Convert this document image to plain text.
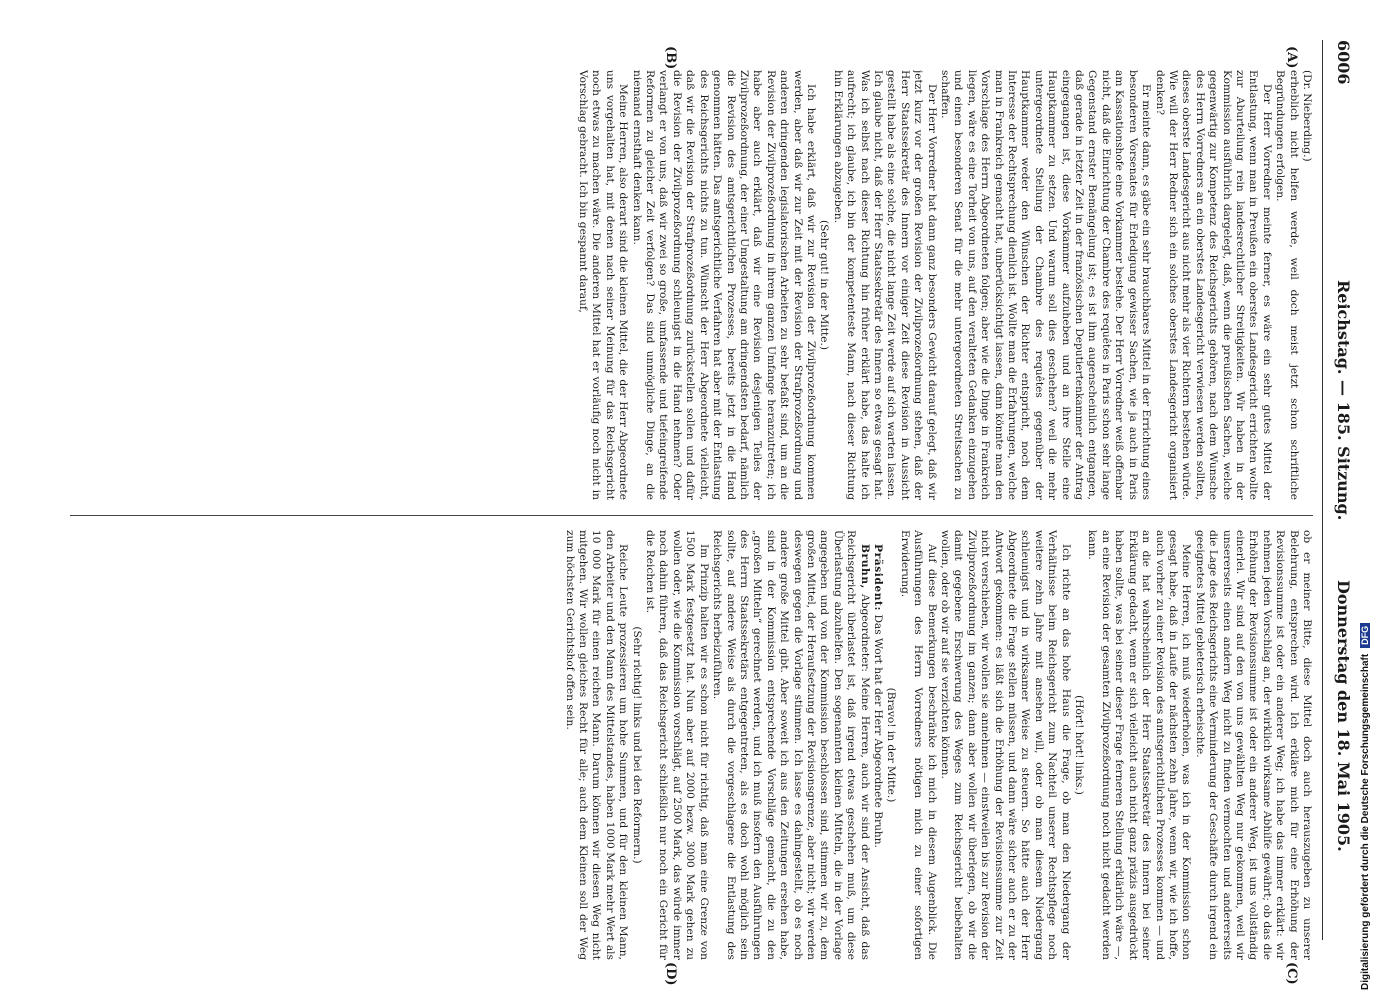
6006
Reichstag. — 185. Sitzung.
Donnerstag den 18. Mai 1905.
(A)
(B)
(C)
(D)

(Dr. Nieberding.)

erheblich nicht helfen werde, weil doch meist jetzt schon schriftliche Begründungen erfolgen.

Der Herr Vorredner meinte ferner, es wäre ein sehr gutes Mittel der Entlastung, wenn man in Preußen ein oberstes Landesgericht errichten wollte zur Aburteilung rein landesrechtlicher Streitigkeiten. Wir haben in der Kommission ausführlich dargelegt, daß, wenn die preußischen Sachen, welche gegenwärtig zur Kompetenz des Reichsgerichts gehören, nach dem Wunsche des Herrn Vorredners an ein oberstes Landesgericht verwiesen werden sollten, dieses oberste Landesgericht aus nicht mehr als vier Richtern bestehen würde. Wie will der Herr Redner sich ein solches oberstes Landesgericht organisiert denken?

Er meinte dann, es gäbe ein sehr brauchbares Mittel in der Errichtung eines besonderen Vorsenates für Erledigung gewisser Sachen, wie ja auch in Paris am Kassationshofe eine Vorkammer bestehe. Der Herr Vorredner weiß offenbar nicht, daß die Einrichtung der Chambre des requêtes in Paris schon sehr lange Gegenstand ernster Bemängelung ist; es ist ihm augenscheinlich entgangen, daß gerade in letzter Zeit in der französischen Deputiertenkammer der Antrag eingegangen ist, diese Vorkammer aufzuheben und an ihre Stelle eine Hauptkammer zu setzen. Und warum soll dies geschehen? weil die mehr untergeordnete Stellung der Chambre des requêtes gegenüber der Hauptkammer weder den Wünschen der Richter entspricht, noch dem Interesse der Rechtsprechung dienlich ist. Wollte man die Erfahrungen, welche man in Frankreich gemacht hat, unberücksichtigt lassen, dann könnte man den Vorschlage des Herrn Abgeordneten folgen; aber wie die Dinge in Frankreich liegen, wäre es eine Torheit von uns, auf den veralteten Gedanken einzugehen und einen besonderen Senat für die mehr untergeordneten Streitsachen zu schaffen.

Der Herr Vorredner hat dann ganz besonders Gewicht darauf gelegt, daß wir jetzt kurz vor der großen Revision der Zivilprozeßordnung stehen, daß der Herr Staatssekretär des Innern vor einiger Zeit diese Revision in Aussicht gestellt habe als eine solche, die nicht lange Zeit werde auf sich warten lassen. Ich glaube nicht, daß der Herr Staatssekretär des Innern so etwas gesagt hat. Was ich selbst nach dieser Richtung hin früher erklärt habe, das halte ich aufrecht; ich glaube, ich bin der kompetenteste Mann, nach dieser Richtung hin Erklärungen abzugeben.

(Sehr gut! in der Mitte.)

Ich habe erklärt, daß wir zur Revision der Zivilprozeßordnung kommen werden, aber daß wir zur Zeit mit der Revision der Strafprozeßordnung und anderen dringenden legislatorischen Arbeiten zu sehr befaßt sind, um an die Revision der Zivilprozeßordnung in ihrem ganzen Umfange heranzutreten; ich habe aber auch erklärt, daß wir eine Revision desjenigen Teiles der Zivilprozeßordnung, der einer Umgestaltung am dringendsten bedarf, nämlich die Revision des amtsgerichtlichen Prozesses, bereits jetzt in die Hand genommen hätten. Das amtsgerichtliche Verfahren hat aber mit der Entlastung des Reichsgerichts nichts zu tun. Wünscht der Herr Abgeordnete vielleicht, daß wir die Revision der Strafprozeßordnung zurückstellen sollen und dafür die Revision der Zivilprozeßordnung schleunigst in die Hand nehmen? Oder verlangt er von uns, daß wir zwei so große, umfassende und tiefeingreifende Reformen zu gleicher Zeit verfolgen? Das sind unmögliche Dinge, an die niemand ernsthaft denken kann.

Meine Herren, also derart sind die kleinen Mittel, die der Herr Abgeordnete uns vorgehalten hat, mit denen nach seiner Meinung für das Reichsgericht noch etwas zu machen wäre. Die anderen Mittel hat er vorläufig noch nicht in Vorschlag gebracht. Ich bin gespannt darauf,

ob er meiner Bitte, diese Mittel doch auch herauszugeben zu unserer Belehrung, entsprechen wird. Ich erkläre mich für eine Erhöhung der Revisionssumme ist oder ein anderer Weg; ich habe das immer erklärt: wir nehmen jeden Vorschlag an, der wirklich wirksame Abhilfe gewährt; ob das die Erhöhung der Revisionssumme ist oder ein anderer Weg, ist uns vollständig einerlei. Wir sind auf den von uns gewählten Weg nur gekommen, weil wir unsererseits einen andern Weg nicht zu finden vermochten und andererseits die Lage des Reichsgerichts eine Verminderung der Geschäfte durch irgend ein geeignetes Mittel gebieterisch erheischte.

Meine Herren, ich muß wiederholen, was ich in der Kommission schon gesagt habe, daß in Laufe der nächsten zehn Jahre, wenn wir, wie ich hoffe, auch vorher zu einer Revision des amtsgerichtlichen Prozesses kommen — und an die hat wahrscheinlich der Herr Staatssekretär des Innern bei seiner Erklärung gedacht, wenn er sich vielleicht auch nicht ganz präzis ausgedrückt haben sollte, was bei seiner dieser Frage ferneren Stellung erklärlich wäre —, an eine Revision der gesamten Zivilprozeßordnung noch nicht gedacht werden kann.

(Hört! hört! links.)

Ich richte an das hohe Haus die Frage, ob man den Niedergang der Verhältnisse beim Reichsgericht zum Nachteil unserer Rechtspflege noch weitere zehn Jahre mit ansehen will, oder ob man diesem Niedergang schleunigst und in wirksamer Weise zu steuern. So hätte auch der Herr Abgeordnete die Frage stellen müssen, und dann wäre sicher auch er zu der Antwort gekommen: es läßt sich die Erhöhung der Revisionssumme zur Zeit nicht verschieben, wir wollen sie annehmen — einstweilen bis zur Revision der Zivilprozeßordnung im ganzen; dann aber wollen wir überlegen, ob wir die damit gegebene Erschwerung des Weges zum Reichsgericht beibehalten wollen, oder ob wir auf sie verzichten können.

Auf diese Bemerkungen beschränke ich mich in diesem Augenblick. Die Ausführungen des Herrn Vorredners nötigen mich zu einer sofortigen Erwiderung.

(Bravo! in der Mitte.)

Präsident: Das Wort hat der Herr Abgeordnete Bruhn.

Bruhn, Abgeordneter: Meine Herren, auch wir sind der Ansicht, daß das Reichsgericht überlastet ist, daß irgend etwas geschehen muß, um diese Überlastung abzuhelfen. Den sogenannten kleinen Mitteln, die in der Vorlage angegeben und von der Kommission beschlossen sind, stimmen wir zu, dem großen Mittel, der Heraufsetzung der Revisionsgrenze, aber nicht; wir werden deswegen gegen die Vorlage stimmen. Ich lasse es dahingestellt, ob es noch andere große Mittel gibt. Aber soweit ich aus den Zeitungen ersehen habe, sind in der Kommission entsprechende Vorschläge gemacht, die zu den „großen Mitteln“ gerechnet werden, und ich muß insofern den Ausführungen des Herrn Staatssekretärs entgegentreten, als es doch wohl möglich sein sollte, auf andere Weise als durch die vorgeschlagene die Entlastung des Reichsgerichts herbeizuführen.

Im Prinzip halten wir es schon nicht für richtig, daß man eine Grenze von 1500 Mark festgesetzt hat. Nun aber auf 2000 bezw. 3000 Mark gehen zu wollen oder, wie die Kommission vorschlägt, auf 2500 Mark, das würde immer noch dahin führen, daß das Reichsgericht schließlich nur noch ein Gericht für die Reichen ist.

(Sehr richtig! links und bei den Reformern.)

Reiche Leute prozessieren um hohe Summen, und für den kleinen Mann, den Arbeiter und den Mann des Mittelstandes, haben 1000 Mark mehr Wert als 10 000 Mark für einen reichen Mann. Darum können wir diesen Weg nicht mitgehen. Wir wollen gleiches Recht für alle; auch dem Kleinen soll der Weg zum höchsten Gerichtshof offen sein.

Digitalisierung gefördert durch die Deutsche ForschungsgemeinschaftDFG
